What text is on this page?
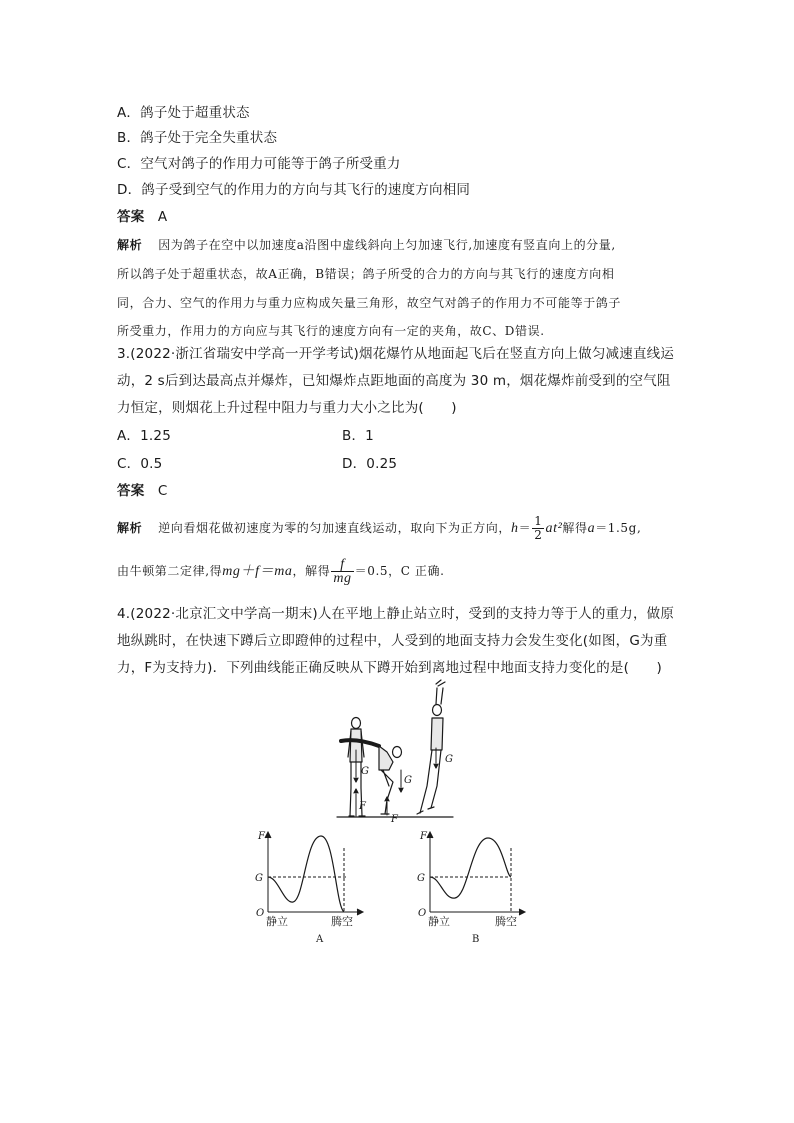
A．鸽子处于超重状态
B．鸽子处于完全失重状态
C．空气对鸽子的作用力可能等于鸽子所受重力
D．鸽子受到空气的作用力的方向与其飞行的速度方向相同
答案 A
解析 因为鸽子在空中以加速度a沿图中虚线斜向上匀加速飞行,加速度有竖直向上的分量,
所以鸽子处于超重状态，故A正确，B错误；鸽子所受的合力的方向与其飞行的速度方向相
同，合力、空气的作用力与重力应构成矢量三角形，故空气对鸽子的作用力不可能等于鸽子
所受重力，作用力的方向应与其飞行的速度方向有一定的夹角，故C、D错误.
3.(2022·浙江省瑞安中学高一开学考试)烟花爆竹从地面起飞后在竖直方向上做匀减速直线运
动，2 s后到达最高点并爆炸，已知爆炸点距地面的高度为 30 m，烟花爆炸前受到的空气阻
力恒定，则烟花上升过程中阻力与重力大小之比为(　　)
A．1.25	B．1
C．0.5	D．0.25
答案 C
解析 逆向看烟花做初速度为零的匀加速直线运动，取向下为正方向，$h= \frac{1}{2} at^2$解得a＝1.5g,
由牛顿第二定律,得mg＋f＝ma，解得 $\frac{f}{mg} =0.5$，C 正确.
4.(2022·北京汇文中学高一期末)人在平地上静止站立时，受到的支持力等于人的重力，做原
地纵跳时，在快速下蹲后立即蹬伸的过程中，人受到的地面支持力会发生变化(如图，G为重
力，F为支持力)．下列曲线能正确反映从下蹲开始到离地过程中地面支持力变化的是(　　)
G
F
G
F
G
F
G
O
静立	腾空
A
F
G
O
静立	腾空
B
